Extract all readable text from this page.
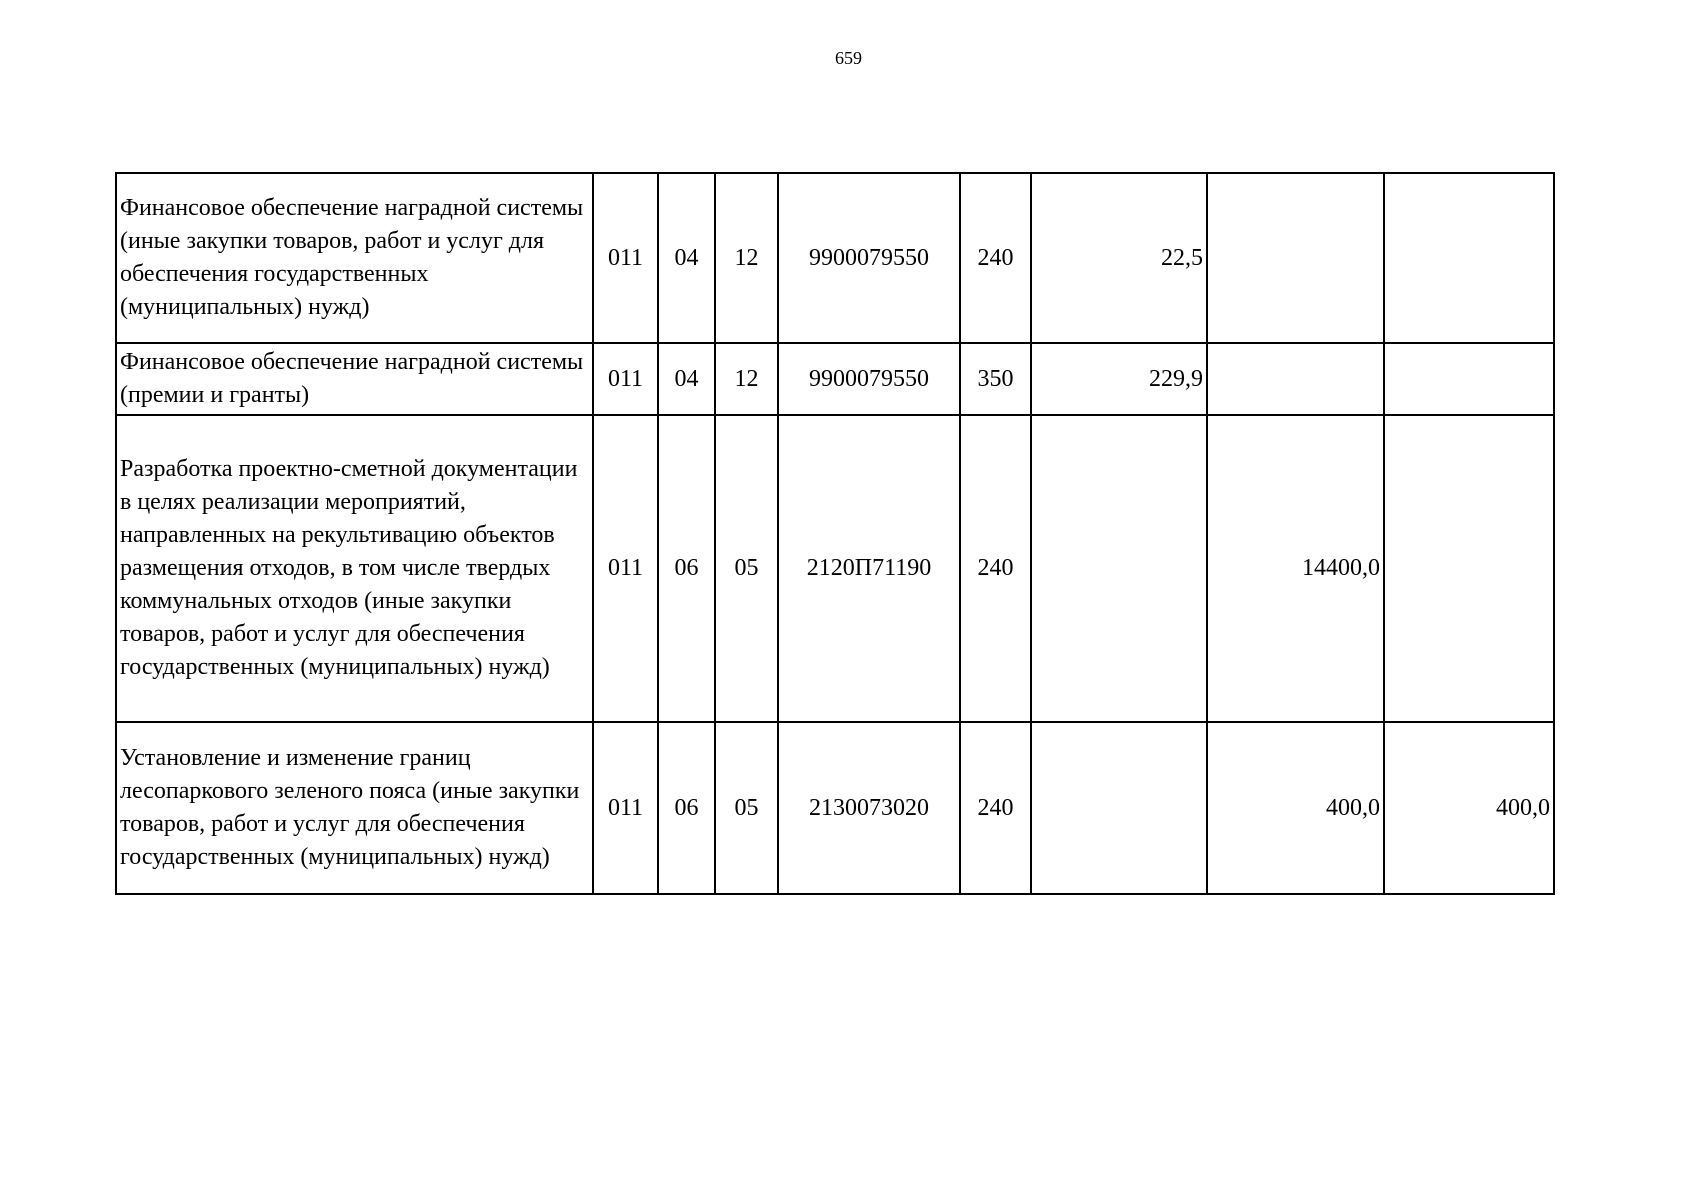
659
Финансовое обеспечение наградной системы (иные закупки товаров, работ и услуг для обеспечения государственных (муниципальных) нужд)	011	04	12	9900079550	240	22,5		
Финансовое обеспечение наградной системы (премии и гранты)	011	04	12	9900079550	350	229,9		
Разработка проектно-сметной документации в целях реализации мероприятий, направленных на рекультивацию объектов размещения отходов, в том числе твердых коммунальных отходов (иные закупки товаров, работ и услуг для обеспечения государственных (муниципальных) нужд)	011	06	05	2120П71190	240		14400,0	
Установление и изменение границ лесопаркового зеленого пояса (иные закупки товаров, работ и услуг для обеспечения государственных (муниципальных) нужд)	011	06	05	2130073020	240		400,0	400,0
